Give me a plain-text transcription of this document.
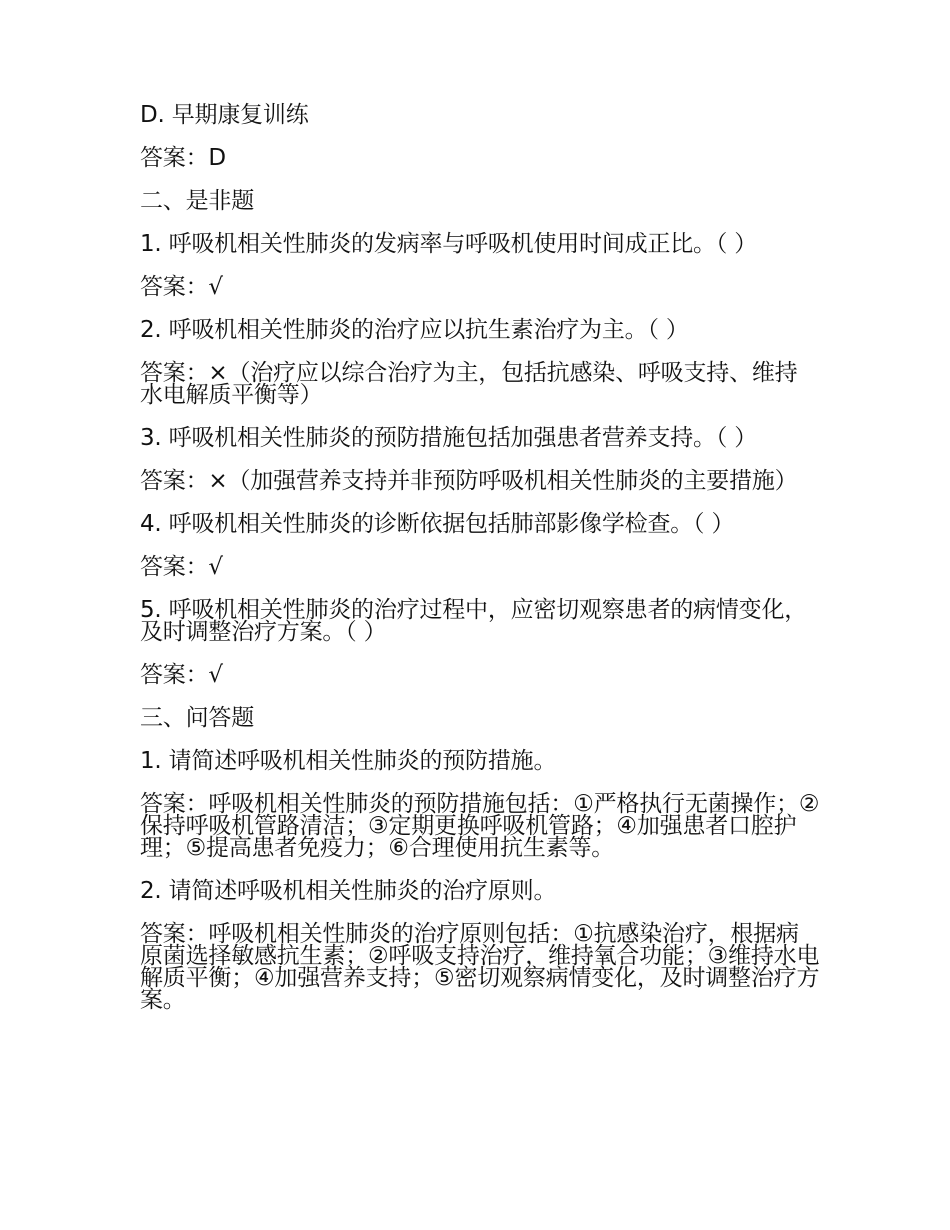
D. 早期康复训练

答案：D

二、是非题

1. 呼吸机相关性肺炎的发病率与呼吸机使用时间成正比。（ ）

答案：√

2. 呼吸机相关性肺炎的治疗应以抗生素治疗为主。（ ）

答案：×（治疗应以综合治疗为主，包括抗感染、呼吸支持、维持水电解质平衡等）

3. 呼吸机相关性肺炎的预防措施包括加强患者营养支持。（ ）

答案：×（加强营养支持并非预防呼吸机相关性肺炎的主要措施）

4. 呼吸机相关性肺炎的诊断依据包括肺部影像学检查。（ ）

答案：√

5. 呼吸机相关性肺炎的治疗过程中，应密切观察患者的病情变化，及时调整治疗方案。（ ）

答案：√

三、问答题

1. 请简述呼吸机相关性肺炎的预防措施。

答案：呼吸机相关性肺炎的预防措施包括：①严格执行无菌操作；②保持呼吸机管路清洁；③定期更换呼吸机管路；④加强患者口腔护理；⑤提高患者免疫力；⑥合理使用抗生素等。

2. 请简述呼吸机相关性肺炎的治疗原则。

答案：呼吸机相关性肺炎的治疗原则包括：①抗感染治疗，根据病原菌选择敏感抗生素；②呼吸支持治疗，维持氧合功能；③维持水电解质平衡；④加强营养支持；⑤密切观察病情变化，及时调整治疗方案。
